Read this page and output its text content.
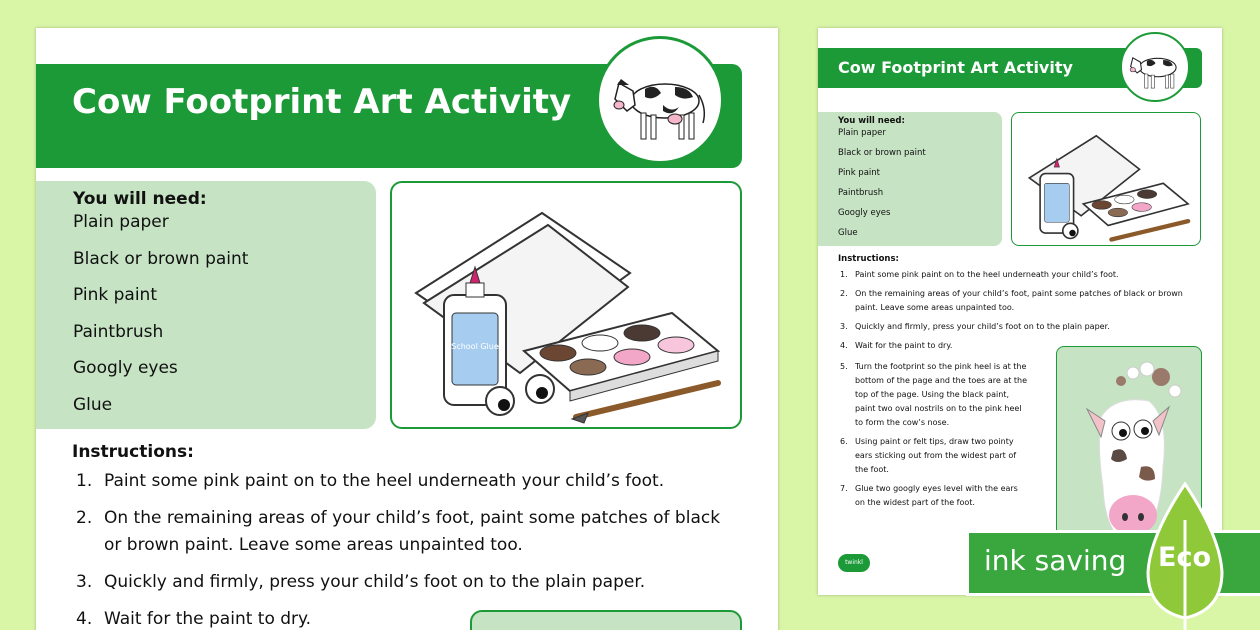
Cow Footprint Art Activity
You will need:
Plain paper
Black or brown paint
Pink paint
Paintbrush
Googly eyes
Glue
School Glue
Instructions:
1. Paint some pink paint on to the heel underneath your child’s foot.
2. On the remaining areas of your child’s foot, paint some patches of black or brown paint. Leave some areas unpainted too.
3. Quickly and firmly, press your child’s foot on to the plain paper.
4. Wait for the paint to dry.
Cow Footprint Art Activity
You will need:
Plain paper
Black or brown paint
Pink paint
Paintbrush
Googly eyes
Glue
Instructions:
1. Paint some pink paint on to the heel underneath your child’s foot.
2. On the remaining areas of your child’s foot, paint some patches of black or brown paint. Leave some areas unpainted too.
3. Quickly and firmly, press your child’s foot on to the plain paper.
4. Wait for the paint to dry.
5. Turn the footprint so the pink heel is at the bottom of the page and the toes are at the top of the page. Using the black paint, paint two oval nostrils on to the pink heel to form the cow’s nose.
6. Using paint or felt tips, draw two pointy ears sticking out from the widest part of the foot.
7. Glue two googly eyes level with the ears on the widest part of the foot.
twinkl	ink saving Eco
